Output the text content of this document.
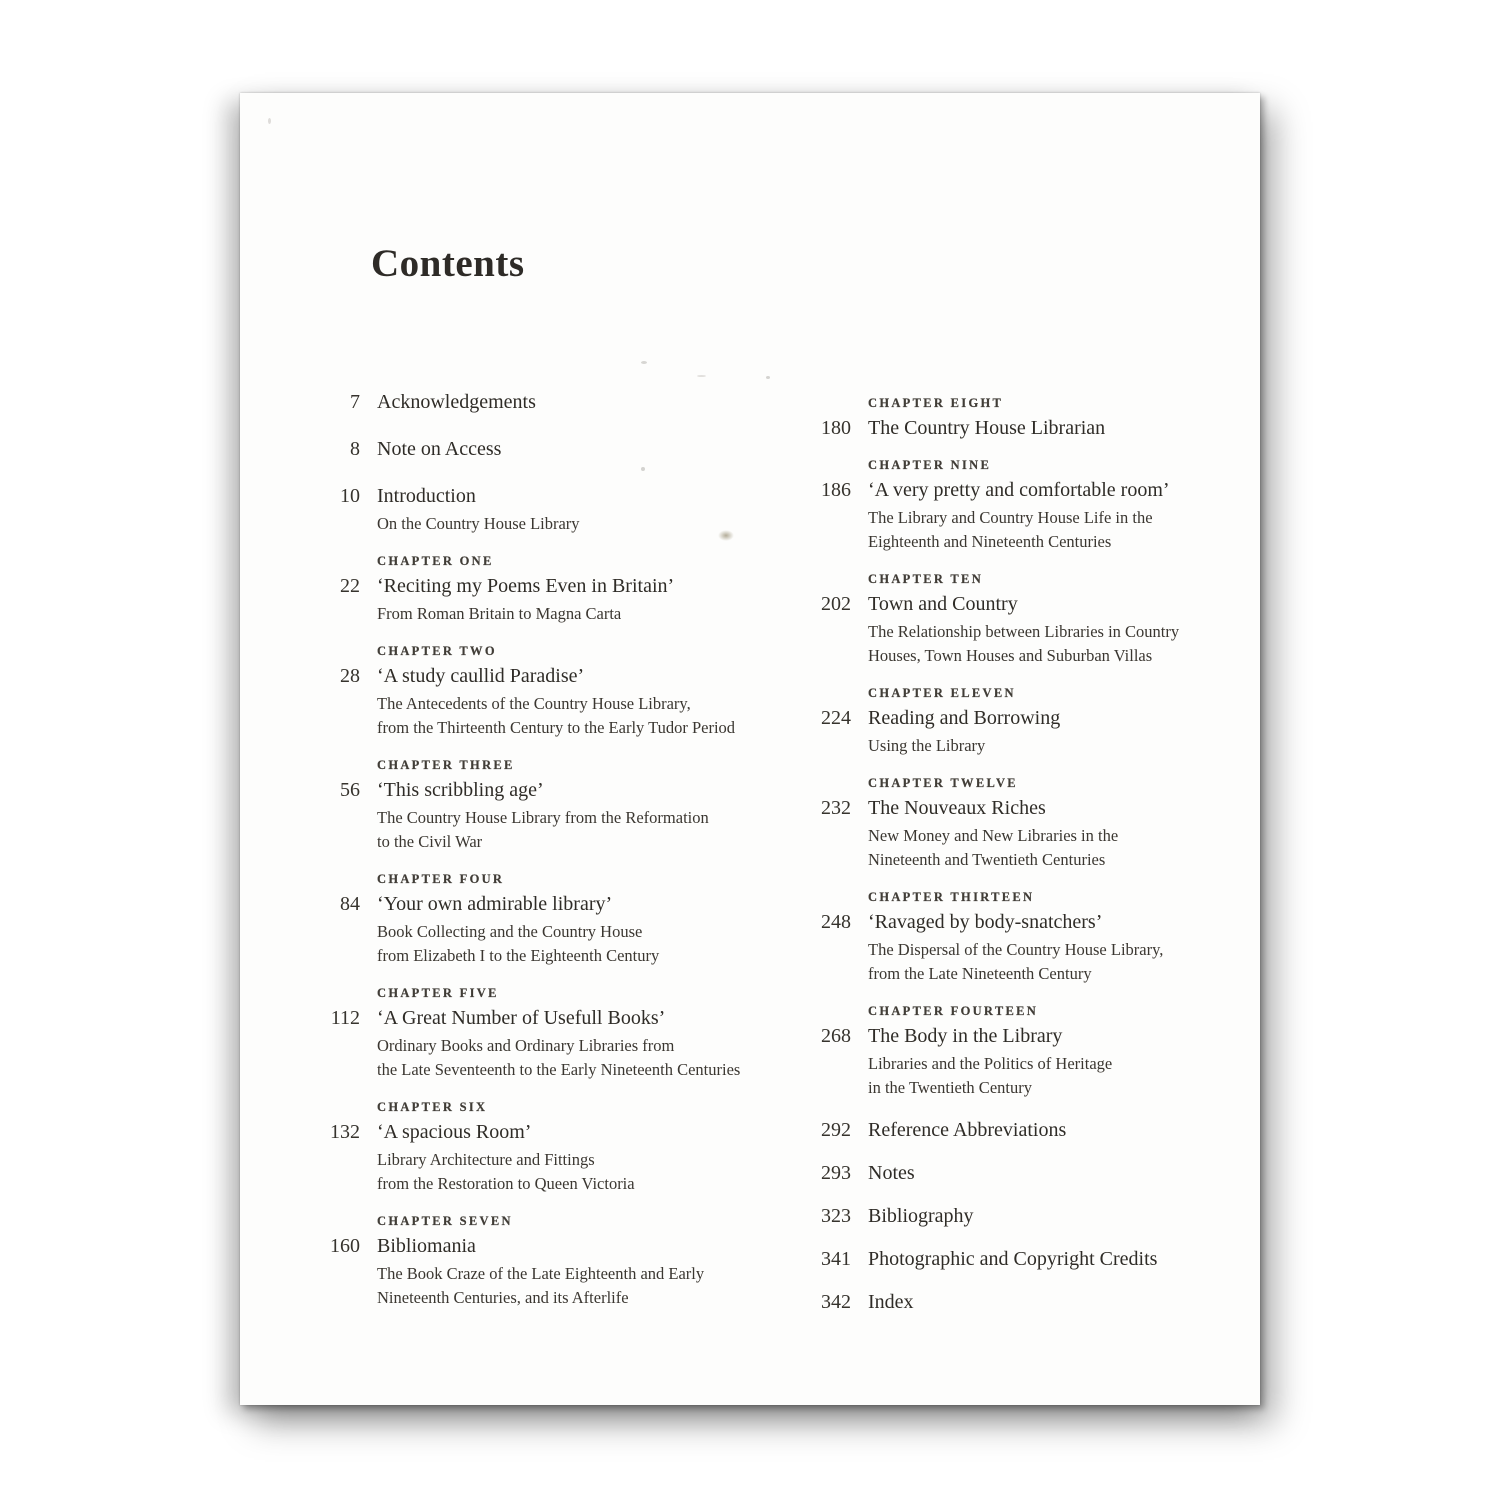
Contents
7 Acknowledgements
8 Note on Access
10 Introduction
On the Country House Library
22
CHAPTER ONE
‘Reciting my Poems Even in Britain’
From Roman Britain to Magna Carta
28
CHAPTER TWO
‘A study caullid Paradise’
The Antecedents of the Country House Library,
from the Thirteenth Century to the Early Tudor Period
56
CHAPTER THREE
‘This scribbling age’
The Country House Library from the Reformation
to the Civil War
84
CHAPTER FOUR
‘Your own admirable library’
Book Collecting and the Country House
from Elizabeth I to the Eighteenth Century
112
CHAPTER FIVE
‘A Great Number of Usefull Books’
Ordinary Books and Ordinary Libraries from
the Late Seventeenth to the Early Nineteenth Centuries
132
CHAPTER SIX
‘A spacious Room’
Library Architecture and Fittings
from the Restoration to Queen Victoria
160
CHAPTER SEVEN
Bibliomania
The Book Craze of the Late Eighteenth and Early
Nineteenth Centuries, and its Afterlife
180
CHAPTER EIGHT
The Country House Librarian
186
CHAPTER NINE
‘A very pretty and comfortable room’
The Library and Country House Life in the
Eighteenth and Nineteenth Centuries
202
CHAPTER TEN
Town and Country
The Relationship between Libraries in Country
Houses, Town Houses and Suburban Villas
224
CHAPTER ELEVEN
Reading and Borrowing
Using the Library
232
CHAPTER TWELVE
The Nouveaux Riches
New Money and New Libraries in the
Nineteenth and Twentieth Centuries
248
CHAPTER THIRTEEN
‘Ravaged by body-snatchers’
The Dispersal of the Country House Library,
from the Late Nineteenth Century
268
CHAPTER FOURTEEN
The Body in the Library
Libraries and the Politics of Heritage
in the Twentieth Century
292 Reference Abbreviations
293 Notes
323 Bibliography
341 Photographic and Copyright Credits
342 Index
